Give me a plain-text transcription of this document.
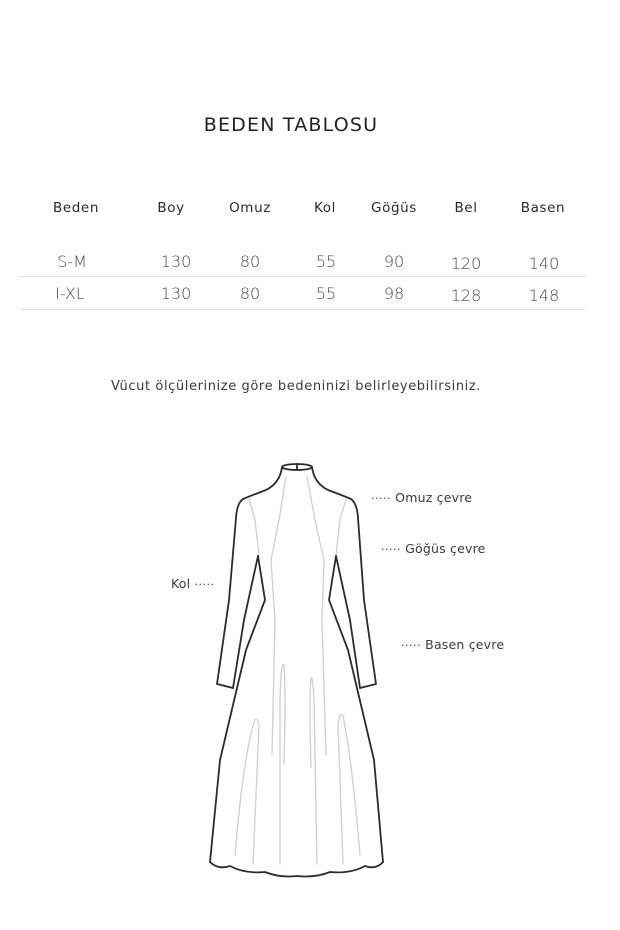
BEDEN TABLOSU
Beden	Boy	Omuz	Kol	Göğüs	Bel	Basen
S-M	130	80	55	90	120	140
I-XL	130	80	55	98	128	148
Vücut ölçülerinize göre bedeninizi belirleyebilirsiniz.
····· Omuz çevre
····· Göğüs çevre
····· Basen çevre
Kol ·····
